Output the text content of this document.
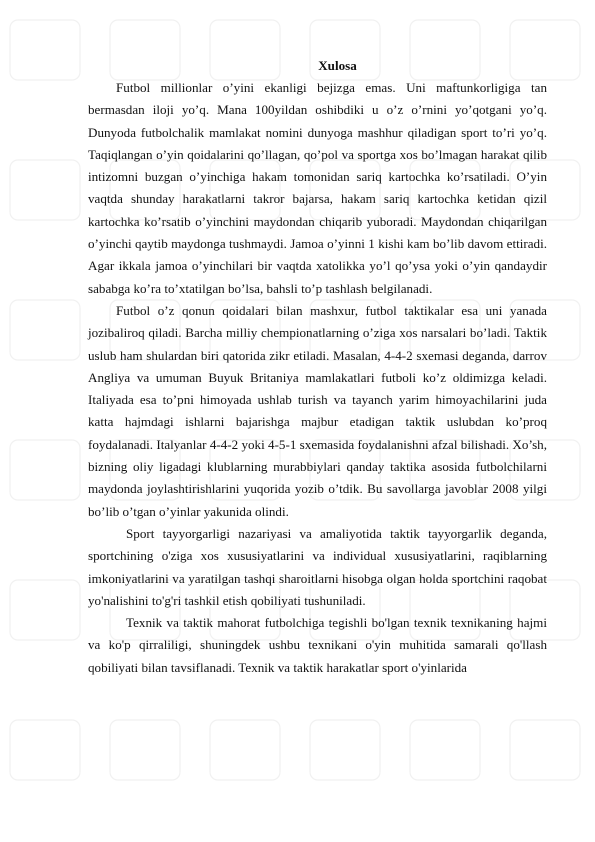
Xulosa

Futbol millionlar o’yini ekanligi bejizga emas. Uni maftunkorligiga tan bermasdan iloji yo’q. Mana 100yildan oshibdiki u o’z o’rnini yo’qotgani yo’q. Dunyoda futbolchalik mamlakat nomini dunyoga mashhur qiladigan sport to’ri yo’q. Taqiqlangan o’yin qoidalarini qo’llagan, qo’pol va sportga xos bo’lmagan harakat qilib intizomni buzgan o’yinchiga hakam tomonidan sariq kartochka ko’rsatiladi. O’yin vaqtda shunday harakatlarni takror bajarsa, hakam sariq kartochka ketidan qizil kartochka ko’rsatib o’yinchini maydondan chiqarib yuboradi. Maydondan chiqarilgan o’yinchi qaytib maydonga tushmaydi. Jamoa o’yinni 1 kishi kam bo’lib davom ettiradi. Agar ikkala jamoa o’yinchilari bir vaqtda xatolikka yo’l qo’ysa yoki o’yin qandaydir sababga ko’ra to’xtatilgan bo’lsa, bahsli to’p tashlash belgilanadi.

Futbol o’z qonun qoidalari bilan mashxur, futbol taktikalar esa uni yanada jozibaliroq qiladi. Barcha milliy chempionatlarning o’ziga xos narsalari bo’ladi. Taktik uslub ham shulardan biri qatorida zikr etiladi. Masalan, 4-4-2 sxemasi deganda, darrov Angliya va umuman Buyuk Britaniya mamlakatlari futboli ko’z oldimizga keladi. Italiyada esa to’pni himoyada ushlab turish va tayanch yarim himoyachilarini juda katta hajmdagi ishlarni bajarishga majbur etadigan taktik uslubdan ko’proq foydalanadi. Italyanlar 4-4-2 yoki 4-5-1 sxemasida foydalanishni afzal bilishadi. Xo’sh, bizning oliy ligadagi klublarning murabbiylari qanday taktika asosida futbolchilarni maydonda joylashtirishlarini yuqorida yozib o’tdik. Bu savollarga javoblar 2008 yilgi bo’lib o’tgan o’yinlar yakunida olindi.

Sport tayyorgarligi nazariyasi va amaliyotida taktik tayyorgarlik deganda, sportchining o'ziga xos xususiyatlarini va individual xususiyatlarini, raqiblarning imkoniyatlarini va yaratilgan tashqi sharoitlarni hisobga olgan holda sportchini raqobat yo'nalishini to'g'ri tashkil etish qobiliyati tushuniladi.

Texnik va taktik mahorat futbolchiga tegishli bo'lgan texnik texnikaning hajmi va ko'p qirraliligi, shuningdek ushbu texnikani o'yin muhitida samarali qo'llash qobiliyati bilan tavsiflanadi. Texnik va taktik harakatlar sport o'yinlarida
